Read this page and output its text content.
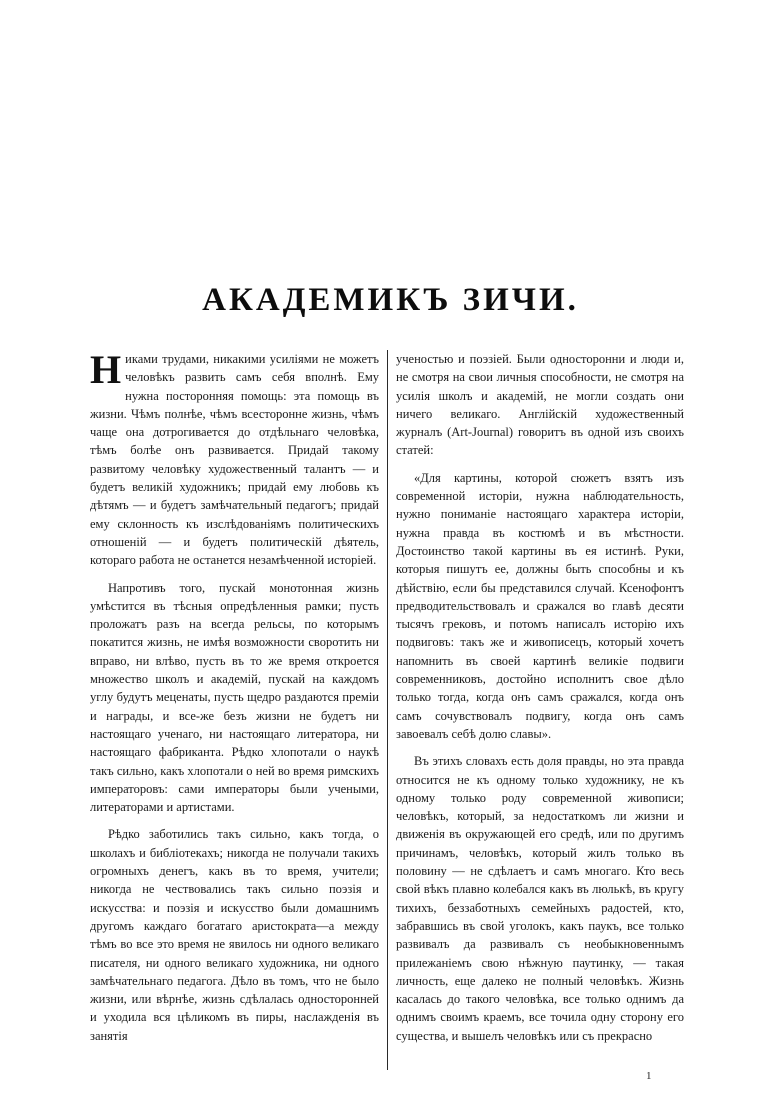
АКАДЕМИКЪ ЗИЧИ.

Никами трудами, никакими усиліями не можетъ человѣкъ развить самъ себя вполнѣ. Ему нужна посторонняя помощь: эта помощь въ жизни. Чѣмъ полнѣе, чѣмъ всесторонне жизнь, чѣмъ чаще она дотрогивается до отдѣльнаго человѣка, тѣмъ болѣе онъ развивается. Придай такому развитому человѣку художественный талантъ — и будетъ великій художникъ; придай ему любовь къ дѣтямъ — и будетъ замѣчательный педагогъ; придай ему склонность къ изслѣдованіямъ политическихъ отношеній — и будетъ политическій дѣятель, котораго работа не останется незамѣченной исторіей.

Напротивъ того, пускай монотонная жизнь умѣстится въ тѣсныя опредѣленныя рамки; пусть проложатъ разъ на всегда рельсы, по которымъ покатится жизнь, не имѣя возможности своротить ни вправо, ни влѣво, пусть въ то же время откроется множество школъ и академій, пускай на каждомъ углу будутъ меценаты, пусть щедро раздаются преміи и награды, и все-же безъ жизни не будетъ ни настоящаго ученаго, ни настоящаго литератора, ни настоящаго фабриканта. Рѣдко хлопотали о наукѣ такъ сильно, какъ хлопотали о ней во время римскихъ императоровъ: сами императоры были учеными, литераторами и артистами.

Рѣдко заботились такъ сильно, какъ тогда, о школахъ и библіотекахъ; никогда не получали такихъ огромныхъ денегъ, какъ въ то время, учители; никогда не чествовались такъ сильно поэзія и искусства: и поэзія и искусство были домашнимъ другомъ каждаго богатаго аристократа—а между тѣмъ во все это время не явилось ни одного великаго писателя, ни одного великаго художника, ни одного замѣчательнаго педагога. Дѣло въ томъ, что не было жизни, или вѣрнѣе, жизнь сдѣлалась односторонней и уходила вся цѣликомъ въ пиры, наслажденія въ занятія

ученостью и поэзіей. Были односторонни и люди и, не смотря на свои личныя способности, не смотря на усилія школъ и академій, не могли создать они ничего великаго. Англійскій художественный журналъ (Art-Journal) говоритъ въ одной изъ своихъ статей:

«Для картины, которой сюжетъ взятъ изъ современной исторіи, нужна наблюдательность, нужно пониманіе настоящаго характера исторіи, нужна правда въ костюмѣ и въ мѣстности. Достоинство такой картины въ ея истинѣ. Руки, которыя пишутъ ее, должны быть способны и къ дѣйствію, если бы представился случай. Ксенофонтъ предводительствовалъ и сражался во главѣ десяти тысячъ грековъ, и потомъ написалъ исторію ихъ подвиговъ: такъ же и живописецъ, который хочетъ напомнить въ своей картинѣ великіе подвиги современниковъ, достойно исполнитъ свое дѣло только тогда, когда онъ самъ сражался, когда онъ самъ сочувствовалъ подвигу, когда онъ самъ завоевалъ себѣ долю славы».

Въ этихъ словахъ есть доля правды, но эта правда относится не къ одному только художнику, не къ одному только роду современной живописи; человѣкъ, который, за недостаткомъ ли жизни и движенія въ окружающей его средѣ, или по другимъ причинамъ, человѣкъ, который жилъ только въ половину — не сдѣлаетъ и самъ многаго. Кто весь свой вѣкъ плавно колебался какъ въ люлькѣ, въ кругу тихихъ, беззаботныхъ семейныхъ радостей, кто, забравшись въ свой уголокъ, какъ паукъ, все только развивалъ да развивалъ съ необыкновеннымъ прилежаніемъ свою нѣжную паутинку, — такая личность, еще далеко не полный человѣкъ. Жизнь касалась до такого человѣка, все только однимъ да однимъ своимъ краемъ, все точила одну сторону его существа, и вышелъ человѣкъ или съ прекрасно

1
